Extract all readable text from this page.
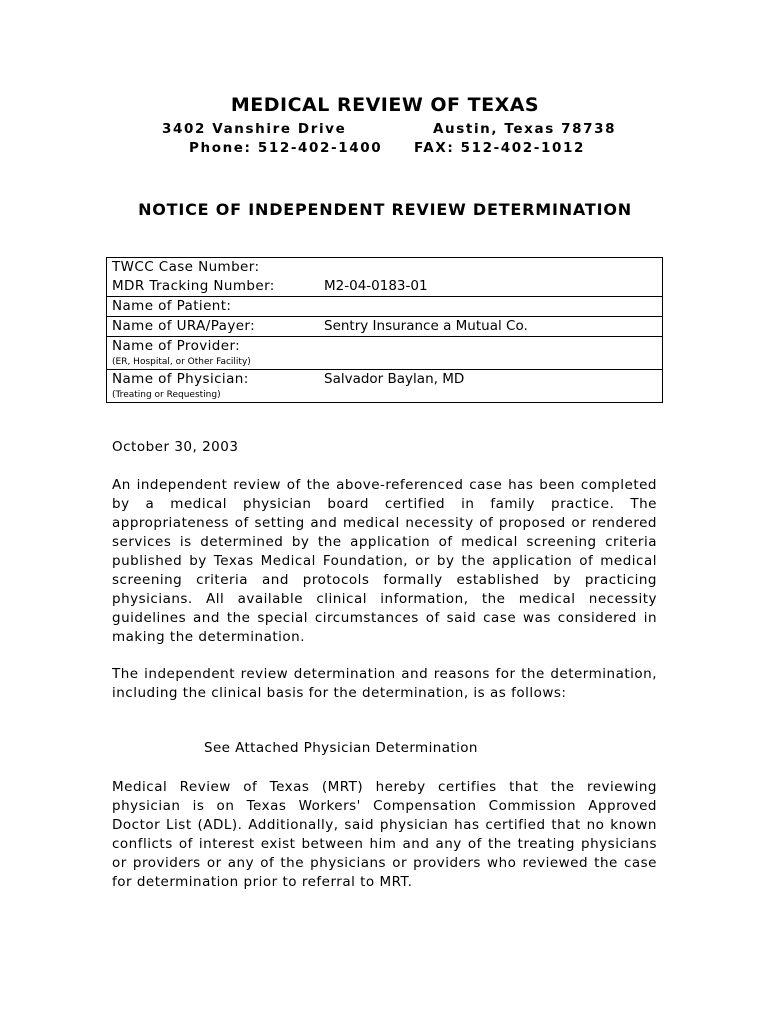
MEDICAL REVIEW OF TEXAS
3402 Vanshire Drive	Austin, Texas 78738
Phone: 512-402-1400 FAX: 512-402-1012
NOTICE OF INDEPENDENT REVIEW DETERMINATION
TWCC Case Number:	

MDR Tracking Number:	M2-04-0183-01

Name of Patient:	

Name of URA/Payer:	Sentry Insurance a Mutual Co.

Name of Provider:
(ER, Hospital, or Other Facility)	

Name of Physician:
(Treating or Requesting)	Salvador Baylan, MD
October 30, 2003
An independent review of the above-referenced case has been completed by a medical physician board certified in family practice. The appropriateness of setting and medical necessity of proposed or rendered services is determined by the application of medical screening criteria published by Texas Medical Foundation, or by the application of medical screening criteria and protocols formally established by practicing physicians. All available clinical information, the medical necessity guidelines and the special circumstances of said case was considered in making the determination.
The independent review determination and reasons for the determination, including the clinical basis for the determination, is as follows:
See Attached Physician Determination
Medical Review of Texas (MRT) hereby certifies that the reviewing physician is on Texas Workers' Compensation Commission Approved Doctor List (ADL). Additionally, said physician has certified that no known conflicts of interest exist between him and any of the treating physicians or providers or any of the physicians or providers who reviewed the case for determination prior to referral to MRT.
